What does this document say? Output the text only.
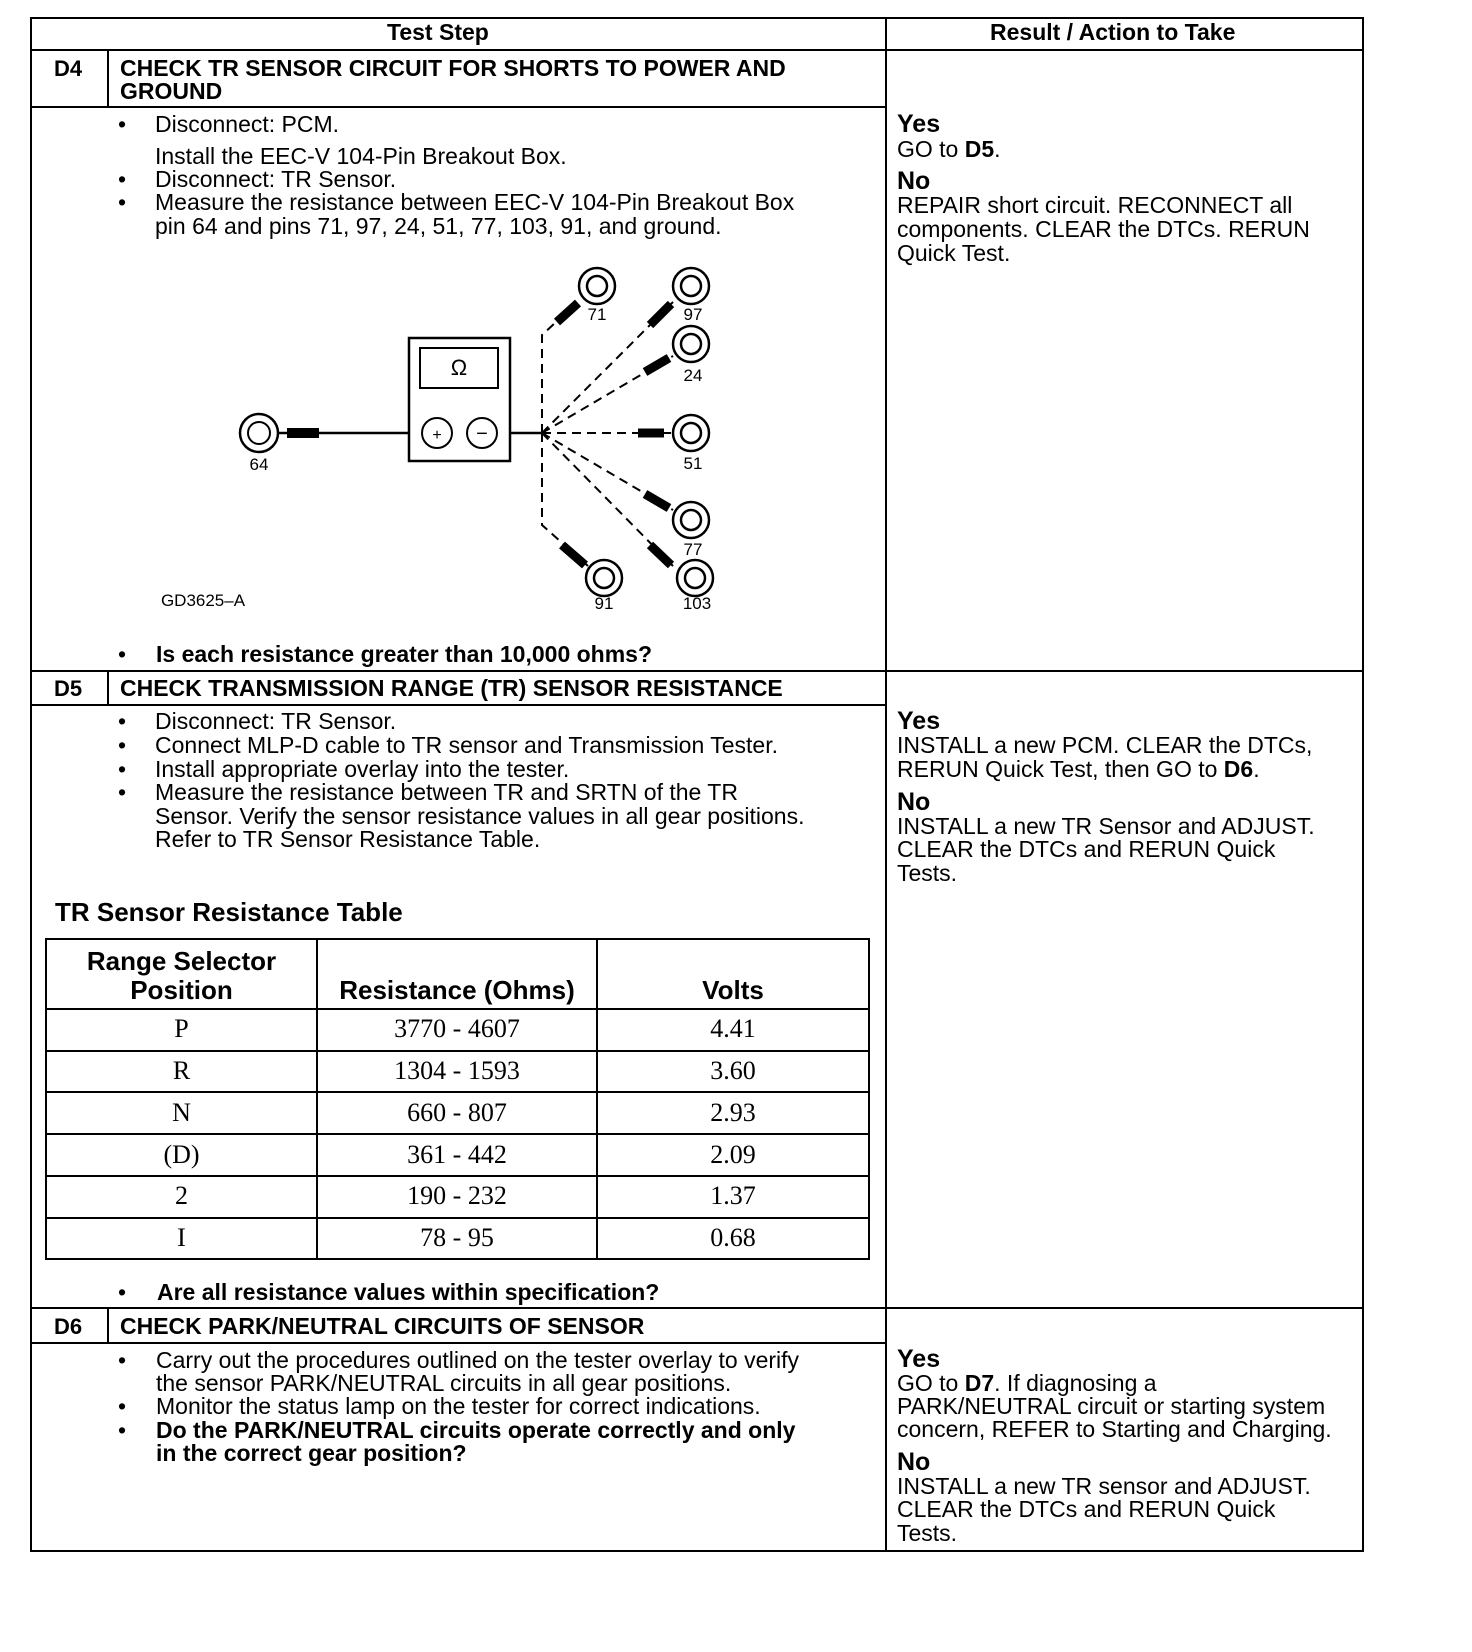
Test Step	Result / Action to Take
D4 CHECK TR SENSOR CIRCUIT FOR SHORTS TO POWER AND
GROUND
• Disconnect: PCM.
Install the EEC-V 104-Pin Breakout Box.
• Disconnect: TR Sensor.
• Measure the resistance between EEC-V 104-Pin Breakout Box
pin 64 and pins 71, 97, 24, 51, 77, 103, 91, and ground.
Ω
+ −
64
71	97
24
51
77
91	103
GD3625–A
• Is each resistance greater than 10,000 ohms?
Yes
GO to D5.
No
REPAIR short circuit. RECONNECT all
components. CLEAR the DTCs. RERUN
Quick Test.
D5 CHECK TRANSMISSION RANGE (TR) SENSOR RESISTANCE
• Disconnect: TR Sensor.
• Connect MLP-D cable to TR sensor and Transmission Tester.
• Install appropriate overlay into the tester.
• Measure the resistance between TR and SRTN of the TR
Sensor. Verify the sensor resistance values in all gear positions.
Refer to TR Sensor Resistance Table.
TR Sensor Resistance Table
Range Selector
Position	Resistance (Ohms)	Volts
P	3770 - 4607	4.41
R	1304 - 1593	3.60
N	660 - 807	2.93
(D)	361 - 442	2.09
2	190 - 232	1.37
I	78 - 95	0.68
• Are all resistance values within specification?
Yes
INSTALL a new PCM. CLEAR the DTCs,
RERUN Quick Test, then GO to D6.
No
INSTALL a new TR Sensor and ADJUST.
CLEAR the DTCs and RERUN Quick
Tests.
D6 CHECK PARK/NEUTRAL CIRCUITS OF SENSOR
• Carry out the procedures outlined on the tester overlay to verify
the sensor PARK/NEUTRAL circuits in all gear positions.
• Monitor the status lamp on the tester for correct indications.
• Do the PARK/NEUTRAL circuits operate correctly and only
in the correct gear position?
Yes
GO to D7. If diagnosing a
PARK/NEUTRAL circuit or starting system
concern, REFER to Starting and Charging.
No
INSTALL a new TR sensor and ADJUST.
CLEAR the DTCs and RERUN Quick
Tests.
